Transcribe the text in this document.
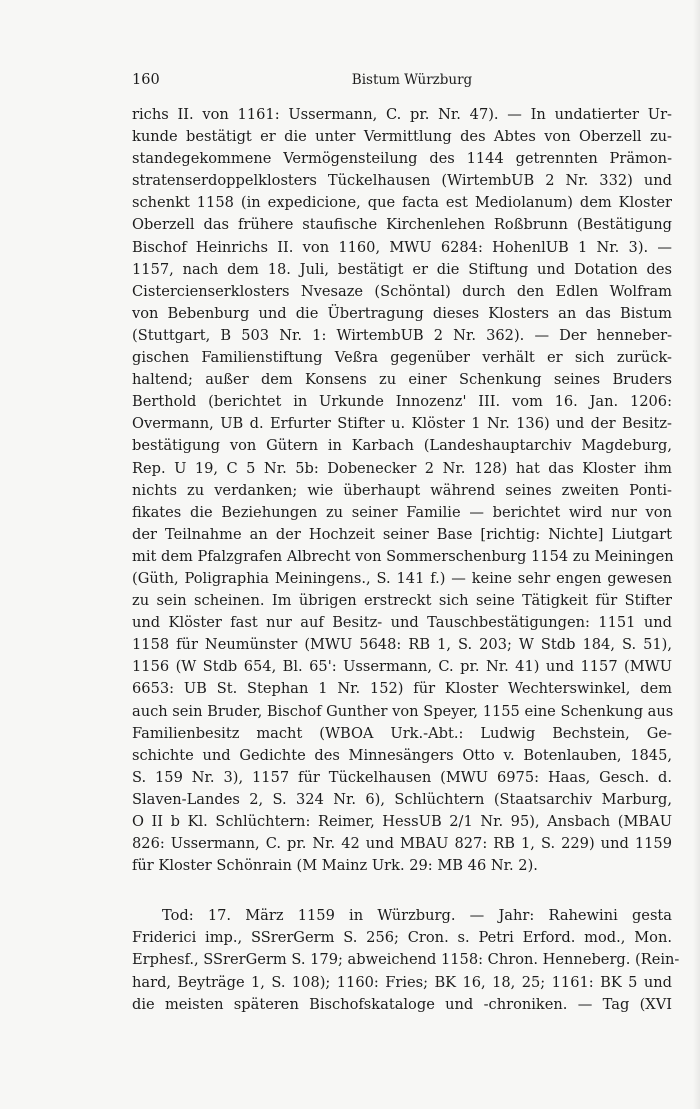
160	Bistum Würzburg
richs II. von 1161: Ussermann, C. pr. Nr. 47). — In undatierter Ur-
kunde bestätigt er die unter Vermittlung des Abtes von Oberzell zu-
standegekommene Vermögensteilung des 1144 getrennten Prämon-
stratenserdoppelklosters Tückelhausen (WirtembUB 2 Nr. 332) und
schenkt 1158 (in expedicione, que facta est Mediolanum) dem Kloster
Oberzell das frühere staufische Kirchenlehen Roßbrunn (Bestätigung
Bischof Heinrichs II. von 1160, MWU 6284: HohenlUB 1 Nr. 3). —
1157, nach dem 18. Juli, bestätigt er die Stiftung und Dotation des
Cistercienserklosters Nvesaze (Schöntal) durch den Edlen Wolfram
von Bebenburg und die Übertragung dieses Klosters an das Bistum
(Stuttgart, B 503 Nr. 1: WirtembUB 2 Nr. 362). — Der henneber-
gischen Familienstiftung Veßra gegenüber verhält er sich zurück-
haltend; außer dem Konsens zu einer Schenkung seines Bruders
Berthold (berichtet in Urkunde Innozenz' III. vom 16. Jan. 1206:
Overmann, UB d. Erfurter Stifter u. Klöster 1 Nr. 136) und der Besitz-
bestätigung von Gütern in Karbach (Landeshauptarchiv Magdeburg,
Rep. U 19, C 5 Nr. 5b: Dobenecker 2 Nr. 128) hat das Kloster ihm
nichts zu verdanken; wie überhaupt während seines zweiten Ponti-
fikates die Beziehungen zu seiner Familie — berichtet wird nur von
der Teilnahme an der Hochzeit seiner Base [richtig: Nichte] Liutgart
mit dem Pfalzgrafen Albrecht von Sommerschenburg 1154 zu Meiningen
(Güth, Poligraphia Meiningens., S. 141 f.) — keine sehr engen gewesen
zu sein scheinen. Im übrigen erstreckt sich seine Tätigkeit für Stifter
und Klöster fast nur auf Besitz- und Tauschbestätigungen: 1151 und
1158 für Neumünster (MWU 5648: RB 1, S. 203; W Stdb 184, S. 51),
1156 (W Stdb 654, Bl. 65': Ussermann, C. pr. Nr. 41) und 1157 (MWU
6653: UB St. Stephan 1 Nr. 152) für Kloster Wechterswinkel, dem
auch sein Bruder, Bischof Gunther von Speyer, 1155 eine Schenkung aus
Familienbesitz macht (WBOA Urk.-Abt.: Ludwig Bechstein, Ge-
schichte und Gedichte des Minnesängers Otto v. Botenlauben, 1845,
S. 159 Nr. 3), 1157 für Tückelhausen (MWU 6975: Haas, Gesch. d.
Slaven-Landes 2, S. 324 Nr. 6), Schlüchtern (Staatsarchiv Marburg,
O II b Kl. Schlüchtern: Reimer, HessUB 2/1 Nr. 95), Ansbach (MBAU
826: Ussermann, C. pr. Nr. 42 und MBAU 827: RB 1, S. 229) und 1159
für Kloster Schönrain (M Mainz Urk. 29: MB 46 Nr. 2).
Tod: 17. März 1159 in Würzburg. — Jahr: Rahewini gesta
Friderici imp., SSrerGerm S. 256; Cron. s. Petri Erford. mod., Mon.
Erphesf., SSrerGerm S. 179; abweichend 1158: Chron. Henneberg. (Rein-
hard, Beyträge 1, S. 108); 1160: Fries; BK 16, 18, 25; 1161: BK 5 und
die meisten späteren Bischofskataloge und -chroniken. — Tag (XVI
